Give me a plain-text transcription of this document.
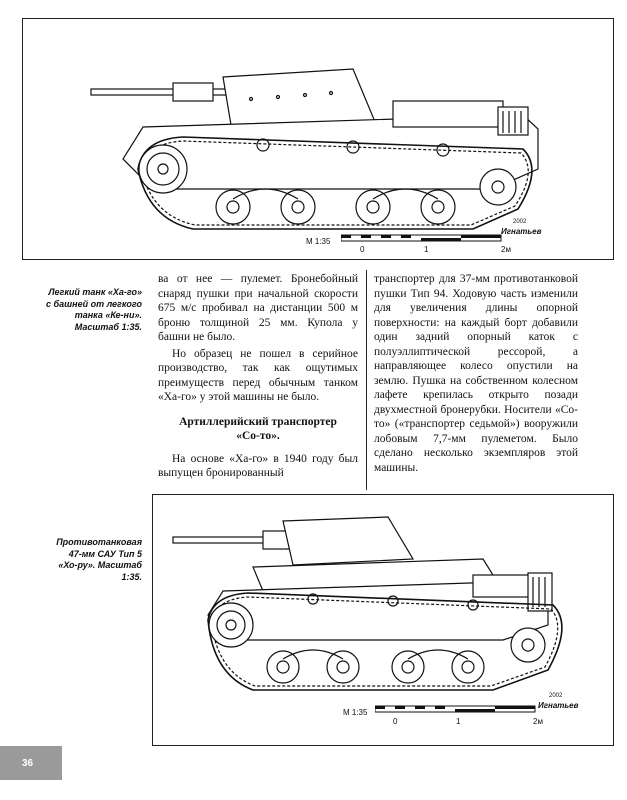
M 1:35
0	1	2м
2002
Игнатьев
Легкий танк «Ха-го»
с башней от легкого
танка «Ке-ни».
Масштаб 1:35.

ва от нее — пулемет. Бронебойный снаряд пушки при начальной скорости 675 м/с пробивал на дистанции 500 м броню толщиной 25 мм. Купола у башни не было.

Но образец не пошел в серийное производство, так как ощутимых преимуществ перед обычным танком «Ха-го» у этой машины не было.

Артиллерийский транспортер
«Со-то».

На основе «Ха-го» в 1940 году был выпущен бронированный

транспортер для 37-мм противотанковой пушки Тип 94. Ходовую часть изменили для увеличения длины опорной поверхности: на каждый борт добавили один задний опорный каток с полуэллиптической рессорой, а направляющее колесо опустили на землю. Пушка на собственном колесном лафете крепилась открыто позади двухместной бронерубки. Носители «Со-то» («транспортер седьмой») вооружили лобовым 7,7-мм пулеметом. Было сделано несколько экземпляров этой машины.

M 1:35
0	1	2м
2002
Игнатьев
Противотанковая
47-мм САУ Тип 5
«Хо-ру». Масштаб
1:35.
36
